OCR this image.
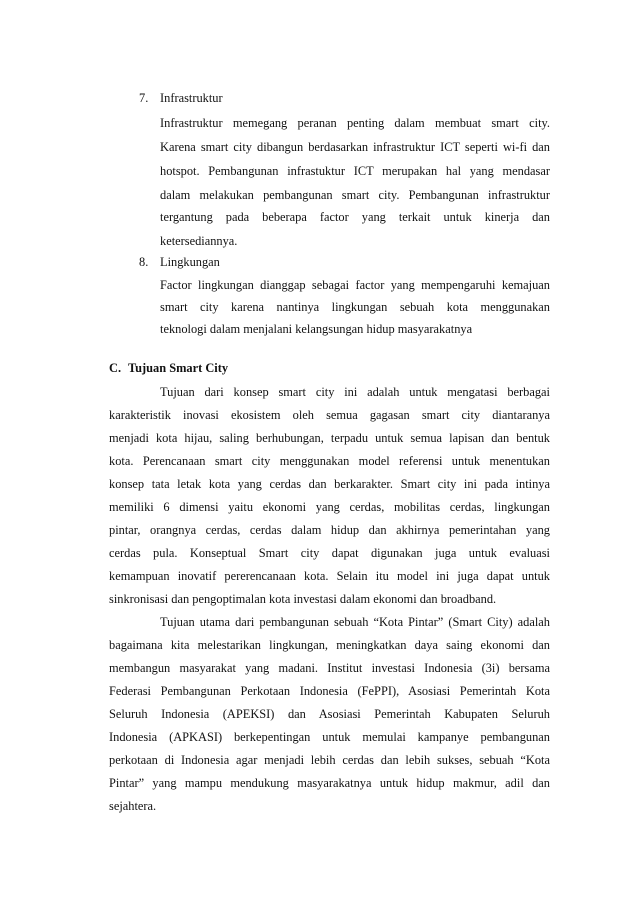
7. Infrastruktur
Infrastruktur memegang peranan penting dalam membuat smart city.
Karena smart city dibangun berdasarkan infrastruktur ICT seperti wi-fi dan
hotspot. Pembangunan infrastuktur ICT merupakan hal yang mendasar
dalam melakukan pembangunan smart city. Pembangunan infrastruktur
tergantung pada beberapa factor yang terkait untuk kinerja dan
ketersediannya.
8. Lingkungan
Factor lingkungan dianggap sebagai factor yang mempengaruhi kemajuan
smart city karena nantinya lingkungan sebuah kota menggunakan
teknologi dalam menjalani kelangsungan hidup masyarakatnya
C. Tujuan Smart City
Tujuan dari konsep smart city ini adalah untuk mengatasi berbagai
karakteristik inovasi ekosistem oleh semua gagasan smart city diantaranya
menjadi kota hijau, saling berhubungan, terpadu untuk semua lapisan dan bentuk
kota. Perencanaan smart city menggunakan model referensi untuk menentukan
konsep tata letak kota yang cerdas dan berkarakter. Smart city ini pada intinya
memiliki 6 dimensi yaitu ekonomi yang cerdas, mobilitas cerdas, lingkungan
pintar, orangnya cerdas, cerdas dalam hidup dan akhirnya pemerintahan yang
cerdas pula. Konseptual Smart city dapat digunakan juga untuk evaluasi
kemampuan inovatif pererencanaan kota. Selain itu model ini juga dapat untuk
sinkronisasi dan pengoptimalan kota investasi dalam ekonomi dan broadband.
Tujuan utama dari pembangunan sebuah “Kota Pintar” (Smart City) adalah
bagaimana kita melestarikan lingkungan, meningkatkan daya saing ekonomi dan
membangun masyarakat yang madani. Institut investasi Indonesia (3i) bersama
Federasi Pembangunan Perkotaan Indonesia (FePPI), Asosiasi Pemerintah Kota
Seluruh Indonesia (APEKSI) dan Asosiasi Pemerintah Kabupaten Seluruh
Indonesia (APKASI) berkepentingan untuk memulai kampanye pembangunan
perkotaan di Indonesia agar menjadi lebih cerdas dan lebih sukses, sebuah “Kota
Pintar” yang mampu mendukung masyarakatnya untuk hidup makmur, adil dan
sejahtera.
